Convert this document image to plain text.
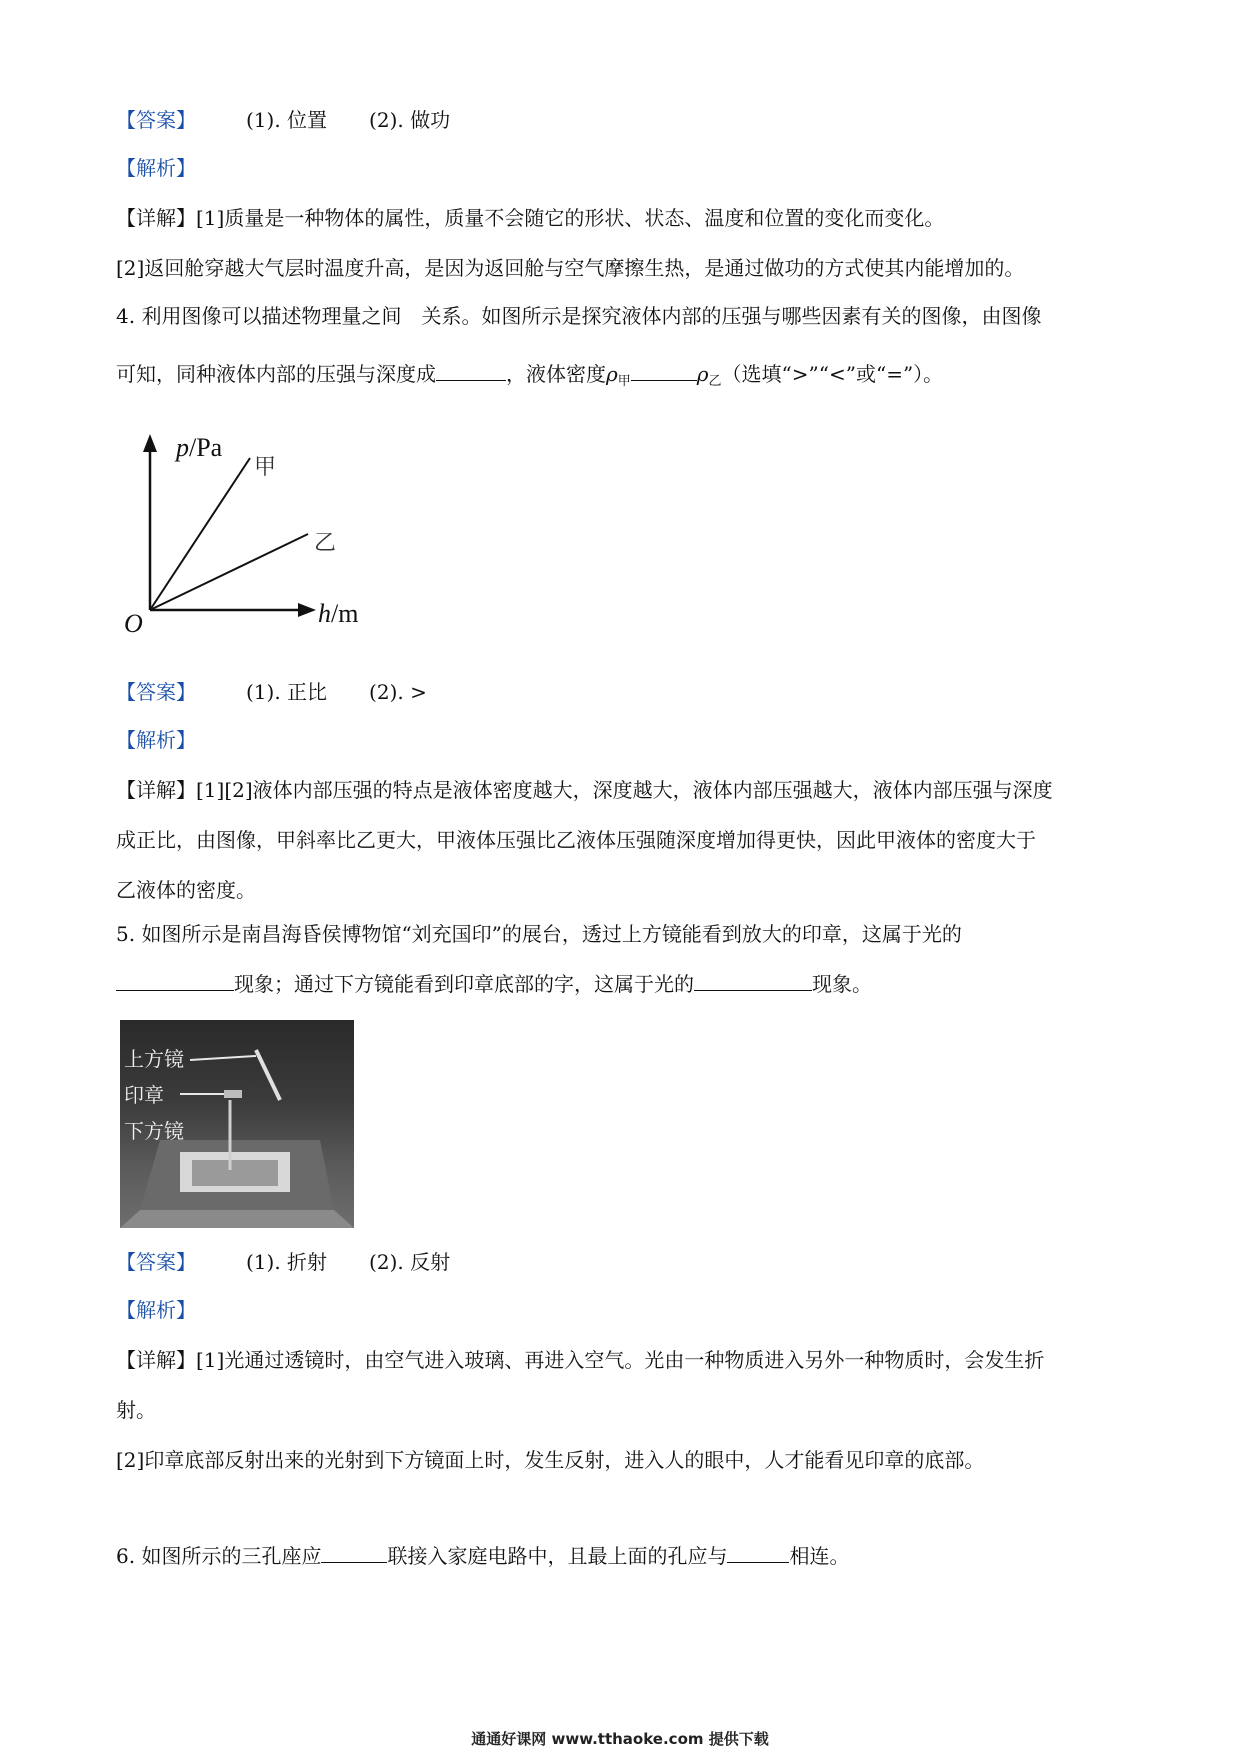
【答案】	(1). 位置 (2). 做功
【解析】
【详解】[1]质量是一种物体的属性，质量不会随它的形状、状态、温度和位置的变化而变化。
[2]返回舱穿越大气层时温度升高，是因为返回舱与空气摩擦生热，是通过做功的方式使其内能增加的。
4. 利用图像可以描述物理量之间　关系。如图所示是探究液体内部的压强与哪些因素有关的图像，由图像
可知，同种液体内部的压强与深度成	，液体密度$\rho_甲$	$\rho_乙$（选填“>”“<”或“=”）。
p/Pa
甲
乙
O	h/m
【答案】	(1). 正比 (2). >
【解析】
【详解】[1][2]液体内部压强的特点是液体密度越大，深度越大，液体内部压强越大，液体内部压强与深度
成正比，由图像，甲斜率比乙更大，甲液体压强比乙液体压强随深度增加得更快，因此甲液体的密度大于
乙液体的密度。
5. 如图所示是南昌海昏侯博物馆“刘充国印”的展台，透过上方镜能看到放大的印章，这属于光的
现象；通过下方镜能看到印章底部的字，这属于光的	现象。
上方镜
印章
下方镜
【答案】	(1). 折射 (2). 反射
【解析】
【详解】[1]光通过透镜时，由空气进入玻璃、再进入空气。光由一种物质进入另外一种物质时，会发生折
射。
[2]印章底部反射出来的光射到下方镜面上时，发生反射，进入人的眼中，人才能看见印章的底部。
6. 如图所示的三孔座应	联接入家庭电路中，且最上面的孔应与	相连。
通通好课网 www.tthaoke.com 提供下载
